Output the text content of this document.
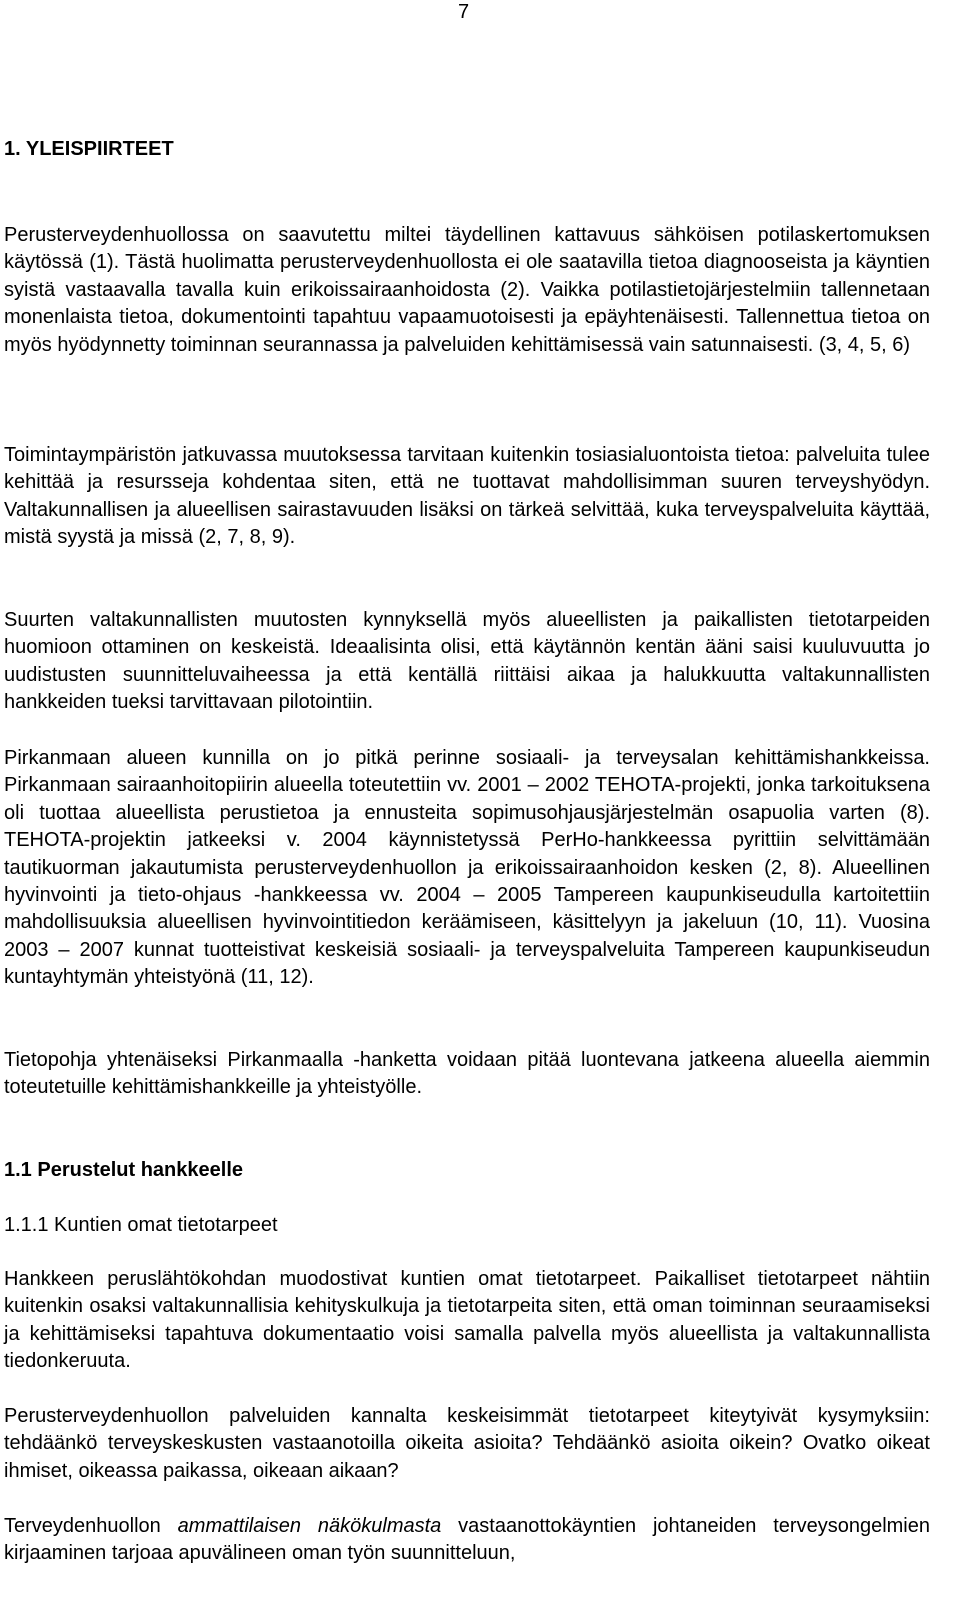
7
1. YLEISPIIRTEET

Perusterveydenhuollossa on saavutettu miltei täydellinen kattavuus sähköisen potilaskertomuksen käytössä (1). Tästä huolimatta perusterveydenhuollosta ei ole saatavilla tietoa diagnooseista ja käyntien syistä vastaavalla tavalla kuin erikoissairaanhoidosta (2). Vaikka potilastietojärjestelmiin tallennetaan monenlaista tietoa, dokumentointi tapahtuu vapaamuotoisesti ja epäyhtenäisesti. Tallennettua tietoa on myös hyödynnetty toiminnan seurannassa ja palveluiden kehittämisessä vain satunnaisesti. (3, 4, 5, 6)

Toimintaympäristön jatkuvassa muutoksessa tarvitaan kuitenkin tosiasialuontoista tietoa: palveluita tulee kehittää ja resursseja kohdentaa siten, että ne tuottavat mahdollisimman suuren terveyshyödyn. Valtakunnallisen ja alueellisen sairastavuuden lisäksi on tärkeä selvittää, kuka terveyspalveluita käyttää, mistä syystä ja missä (2, 7, 8, 9).

Suurten valtakunnallisten muutosten kynnyksellä myös alueellisten ja paikallisten tietotarpeiden huomioon ottaminen on keskeistä. Ideaalisinta olisi, että käytännön kentän ääni saisi kuuluvuutta jo uudistusten suunnitteluvaiheessa ja että kentällä riittäisi aikaa ja halukkuutta valtakunnallisten hankkeiden tueksi tarvittavaan pilotointiin.

Pirkanmaan alueen kunnilla on jo pitkä perinne sosiaali- ja terveysalan kehittämishankkeissa. Pirkanmaan sairaanhoitopiirin alueella toteutettiin vv. 2001 – 2002 TEHOTA-projekti, jonka tarkoituksena oli tuottaa alueellista perustietoa ja ennusteita sopimusohjausjärjestelmän osapuolia varten (8). TEHOTA-projektin jatkeeksi v. 2004 käynnistetyssä PerHo-hankkeessa pyrittiin selvittämään tautikuorman jakautumista perusterveydenhuollon ja erikoissairaanhoidon kesken (2, 8). Alueellinen hyvinvointi ja tieto-ohjaus -hankkeessa vv. 2004 – 2005 Tampereen kaupunkiseudulla kartoitettiin mahdollisuuksia alueellisen hyvinvointitiedon keräämiseen, käsittelyyn ja jakeluun (10, 11). Vuosina 2003 – 2007 kunnat tuotteistivat keskeisiä sosiaali- ja terveyspalveluita Tampereen kaupunkiseudun kuntayhtymän yhteistyönä (11, 12).

Tietopohja yhtenäiseksi Pirkanmaalla -hanketta voidaan pitää luontevana jatkeena alueella aiemmin toteutetuille kehittämishankkeille ja yhteistyölle.

1.1 Perustelut hankkeelle
1.1.1 Kuntien omat tietotarpeet

Hankkeen peruslähtökohdan muodostivat kuntien omat tietotarpeet. Paikalliset tietotarpeet nähtiin kuitenkin osaksi valtakunnallisia kehityskulkuja ja tietotarpeita siten, että oman toiminnan seuraamiseksi ja kehittämiseksi tapahtuva dokumentaatio voisi samalla palvella myös alueellista ja valtakunnallista tiedonkeruuta.

Perusterveydenhuollon palveluiden kannalta keskeisimmät tietotarpeet kiteytyivät kysymyksiin: tehdäänkö terveyskeskusten vastaanotoilla oikeita asioita? Tehdäänkö asioita oikein? Ovatko oikeat ihmiset, oikeassa paikassa, oikeaan aikaan?

Terveydenhuollon ammattilaisen näkökulmasta vastaanottokäyntien johtaneiden terveysongelmien kirjaaminen tarjoaa apuvälineen oman työn suunnitteluun,
